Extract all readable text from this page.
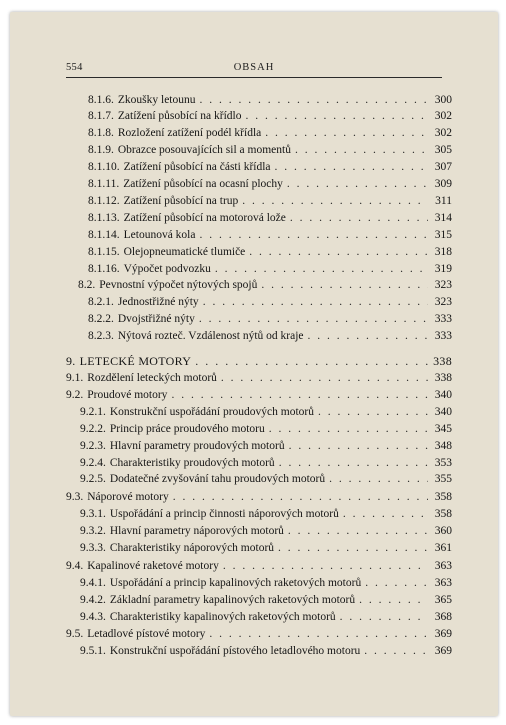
554	OBSAH
8.1.6. Zkoušky letounu . . .	300
8.1.7. Zatížení působící na křídlo . . .	302
8.1.8. Rozložení zatížení podél křídla . . .	302
8.1.9. Obrazce posouvajících sil a momentů . . .	305
8.1.10. Zatížení působící na části křídla . . .	307
8.1.11. Zatížení působící na ocasní plochy . . .	309
8.1.12. Zatížení působící na trup . . .	311
8.1.13. Zatížení působící na motorová lože . . .	314
8.1.14. Letounová kola . . .	315
8.1.15. Olejopneumatické tlumiče . . .	318
8.1.16. Výpočet podvozku . . .	319
8.2. Pevnostní výpočet nýtových spojů . . .	323
8.2.1. Jednostřižné nýty . . .	323
8.2.2. Dvojstřižné nýty . . .	333
8.2.3. Nýtová rozteč. Vzdálenost nýtů od kraje . . .	333
9. LETECKÉ MOTORY . . .	338
9.1. Rozdělení leteckých motorů . . .	338
9.2. Proudové motory . . .	340
9.2.1. Konstrukční uspořádání proudových motorů . . .	340
9.2.2. Princip práce proudového motoru . . .	345
9.2.3. Hlavní parametry proudových motorů . . .	348
9.2.4. Charakteristiky proudových motorů . . .	353
9.2.5. Dodatečné zvyšování tahu proudových motorů . . .	355
9.3. Náporové motory . . .	358
9.3.1. Uspořádání a princip činnosti náporových motorů . . .	358
9.3.2. Hlavní parametry náporových motorů . . .	360
9.3.3. Charakteristiky náporových motorů . . .	361
9.4. Kapalinové raketové motory . . .	363
9.4.1. Uspořádání a princip kapalinových raketových motorů . . .	363
9.4.2. Základní parametry kapalinových raketových motorů . . .	365
9.4.3. Charakteristiky kapalinových raketových motorů . . .	368
9.5. Letadlové pístové motory . . .	369
9.5.1. Konstrukční uspořádání pístového letadlového motoru . . .	369
